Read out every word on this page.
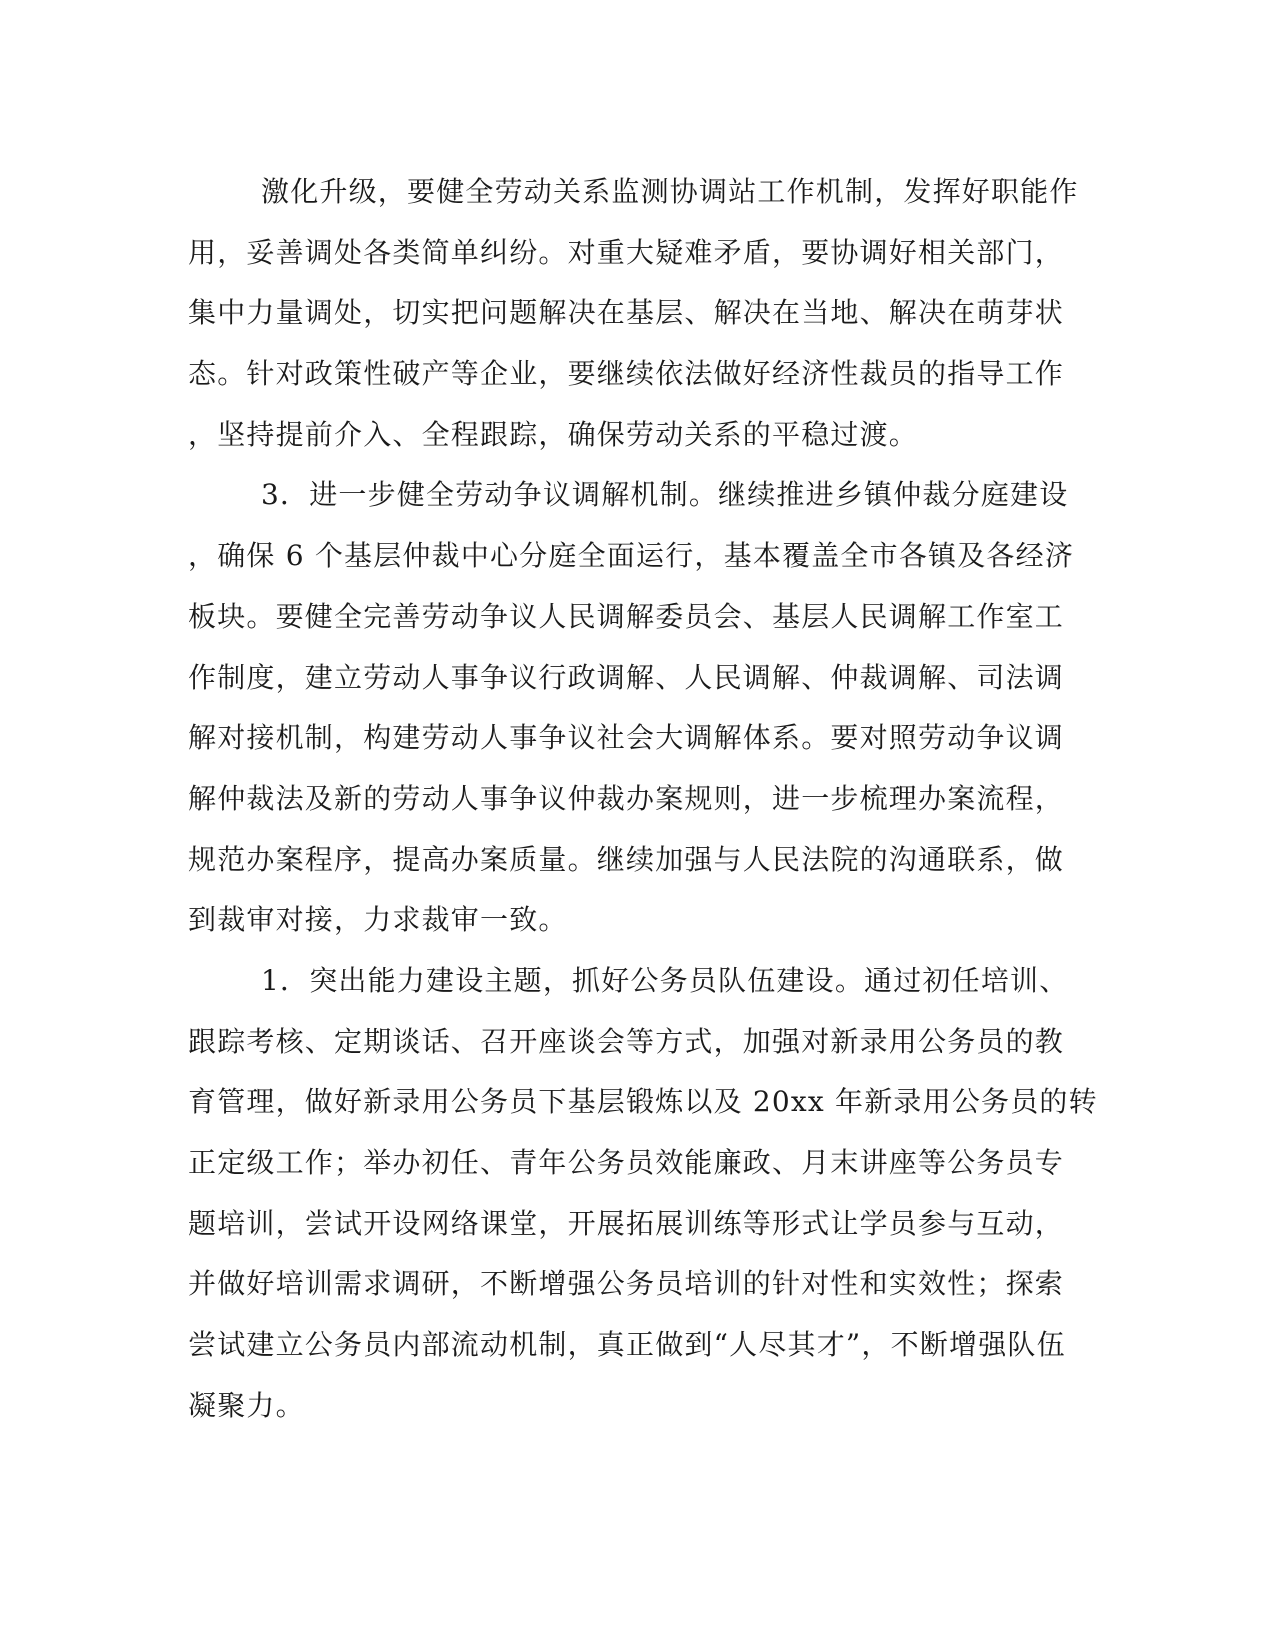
激化升级，要健全劳动关系监测协调站工作机制，发挥好职能作
用，妥善调处各类简单纠纷。对重大疑难矛盾，要协调好相关部门，
集中力量调处，切实把问题解决在基层、解决在当地、解决在萌芽状
态。针对政策性破产等企业，要继续依法做好经济性裁员的指导工作
，坚持提前介入、全程跟踪，确保劳动关系的平稳过渡。
3．进一步健全劳动争议调解机制。继续推进乡镇仲裁分庭建设
，确保 6 个基层仲裁中心分庭全面运行，基本覆盖全市各镇及各经济
板块。要健全完善劳动争议人民调解委员会、基层人民调解工作室工
作制度，建立劳动人事争议行政调解、人民调解、仲裁调解、司法调
解对接机制，构建劳动人事争议社会大调解体系。要对照劳动争议调
解仲裁法及新的劳动人事争议仲裁办案规则，进一步梳理办案流程，
规范办案程序，提高办案质量。继续加强与人民法院的沟通联系，做
到裁审对接，力求裁审一致。
1．突出能力建设主题，抓好公务员队伍建设。通过初任培训、
跟踪考核、定期谈话、召开座谈会等方式，加强对新录用公务员的教
育管理，做好新录用公务员下基层锻炼以及 20xx 年新录用公务员的转
正定级工作；举办初任、青年公务员效能廉政、月末讲座等公务员专
题培训，尝试开设网络课堂，开展拓展训练等形式让学员参与互动，
并做好培训需求调研，不断增强公务员培训的针对性和实效性；探索
尝试建立公务员内部流动机制，真正做到“人尽其才”，不断增强队伍
凝聚力。
